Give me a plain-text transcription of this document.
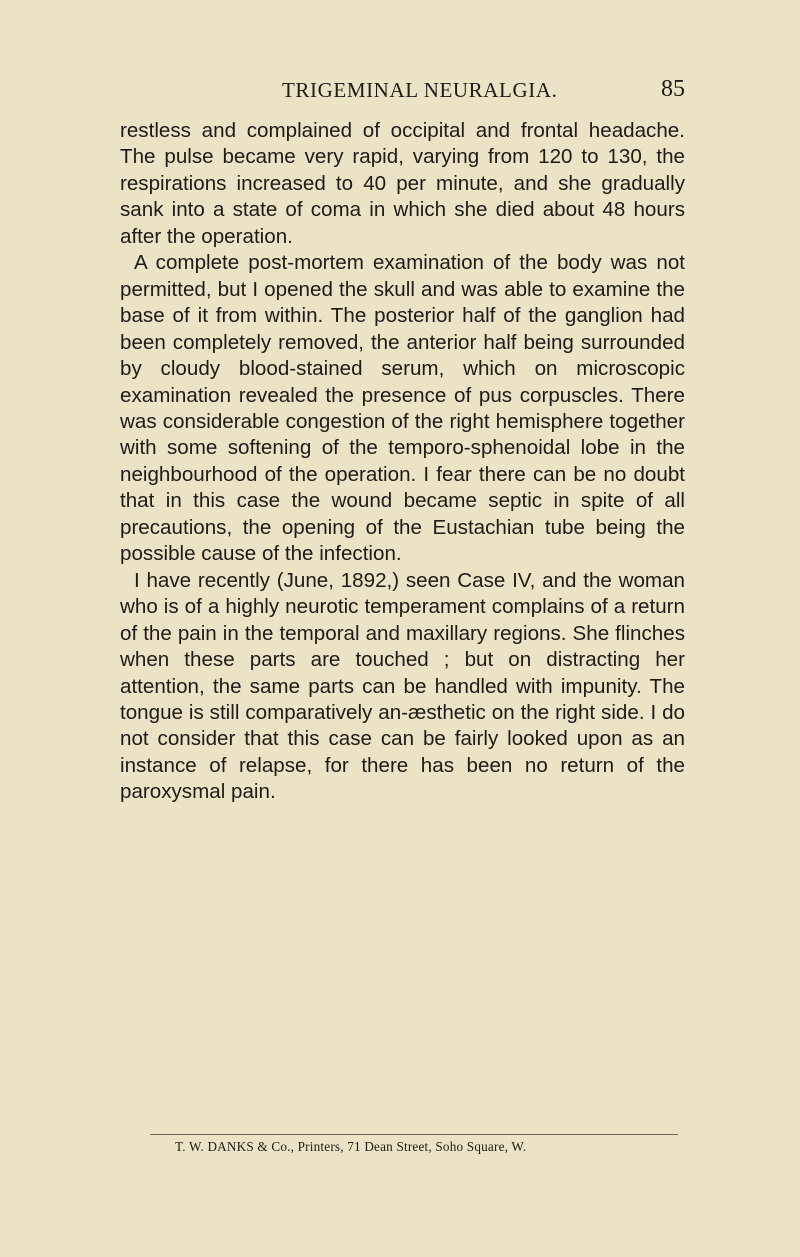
TRIGEMINAL NEURALGIA.	85

restless and complained of occipital and frontal headache. The pulse became very rapid, varying from 120 to 130, the respirations increased to 40 per minute, and she gradually sank into a state of coma in which she died about 48 hours after the operation.

A complete post-mortem examination of the body was not permitted, but I opened the skull and was able to examine the base of it from within. The posterior half of the ganglion had been completely removed, the anterior half being surrounded by cloudy blood-stained serum, which on microscopic examination revealed the presence of pus corpuscles. There was considerable congestion of the right hemisphere together with some softening of the temporo-sphenoidal lobe in the neighbourhood of the operation. I fear there can be no doubt that in this case the wound became septic in spite of all precautions, the opening of the Eustachian tube being the possible cause of the infection.

I have recently (June, 1892,) seen Case IV, and the woman who is of a highly neurotic temperament complains of a return of the pain in the temporal and maxillary regions. She flinches when these parts are touched ; but on distracting her attention, the same parts can be handled with impunity. The tongue is still comparatively an-æsthetic on the right side. I do not consider that this case can be fairly looked upon as an instance of relapse, for there has been no return of the paroxysmal pain.

T. W. DANKS & Co., Printers, 71 Dean Street, Soho Square, W.
